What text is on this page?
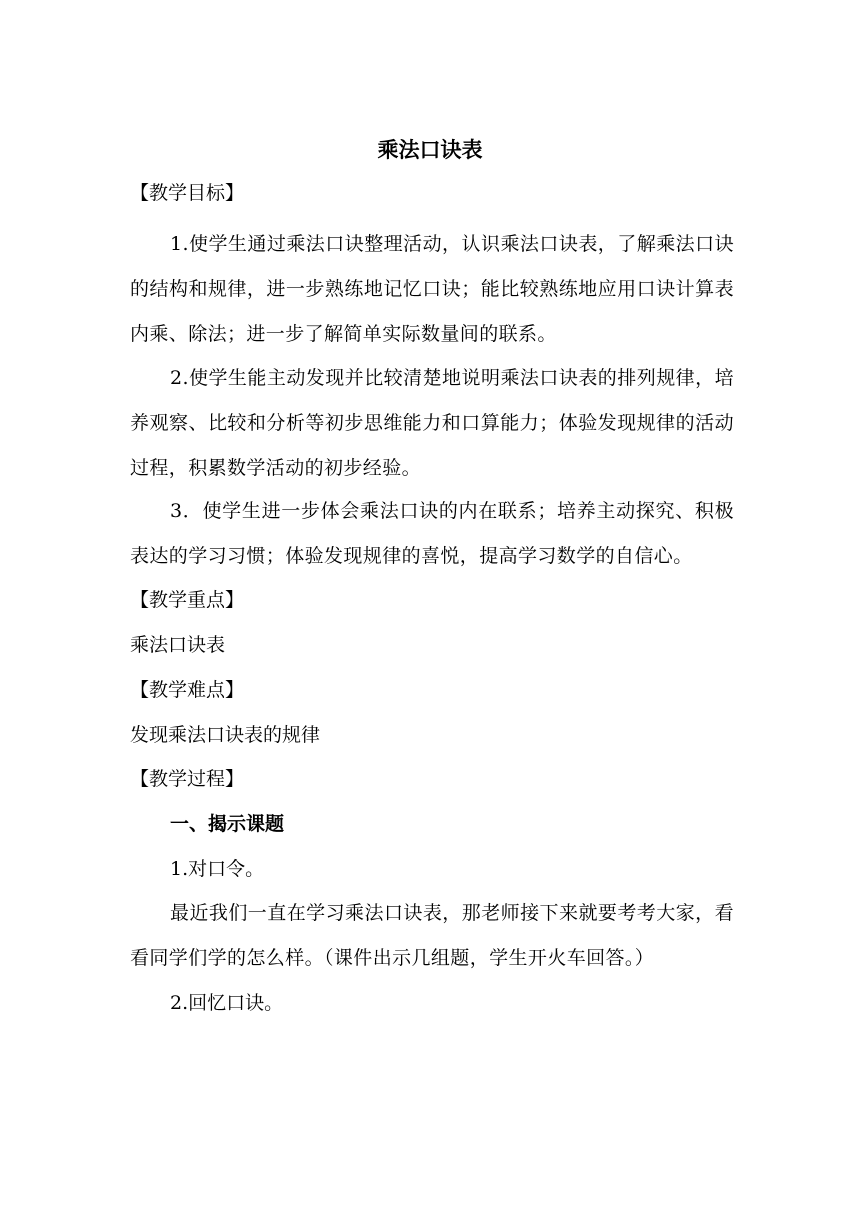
乘法口诀表

【教学目标】

1.使学生通过乘法口诀整理活动，认识乘法口诀表，了解乘法口诀的结构和规律，进一步熟练地记忆口诀；能比较熟练地应用口诀计算表内乘、除法；进一步了解简单实际数量间的联系。

2.使学生能主动发现并比较清楚地说明乘法口诀表的排列规律，培养观察、比较和分析等初步思维能力和口算能力；体验发现规律的活动过程，积累数学活动的初步经验。

3．使学生进一步体会乘法口诀的内在联系；培养主动探究、积极表达的学习习惯；体验发现规律的喜悦，提高学习数学的自信心。

【教学重点】

乘法口诀表

【教学难点】

发现乘法口诀表的规律

【教学过程】

一、揭示课题

1.对口令。

最近我们一直在学习乘法口诀表，那老师接下来就要考考大家，看看同学们学的怎么样。（课件出示几组题，学生开火车回答。）

2.回忆口诀。
